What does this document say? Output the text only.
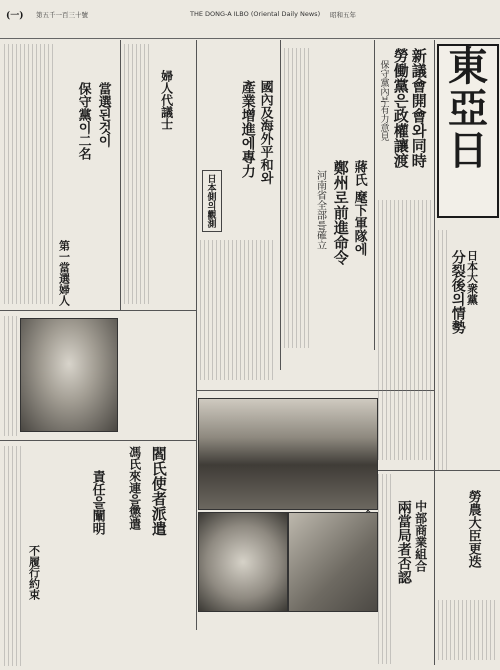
(一) 第五千一百三十號	THE DONG-A ILBO (Oriental Daily News) 昭和五年
東
亞
日
日本大衆黨
分裂後의情勢
勞農大臣更迭
新議會開會와同時
勞働黨은政權讓渡
保守黨內부有力意見
蔣氏 麾下軍隊에
鄭州로前進命令
河南省全部를確立
國內及海外平和와
產業增進에專力
日本側의觀測
婦人代議士
當選된것이
保守黨이二名
第一當選婦人
閻氏使者派遣
馮氏來連을懲遣
責任을闡明
不履行約束
中部商業組合
兩當局者否認
